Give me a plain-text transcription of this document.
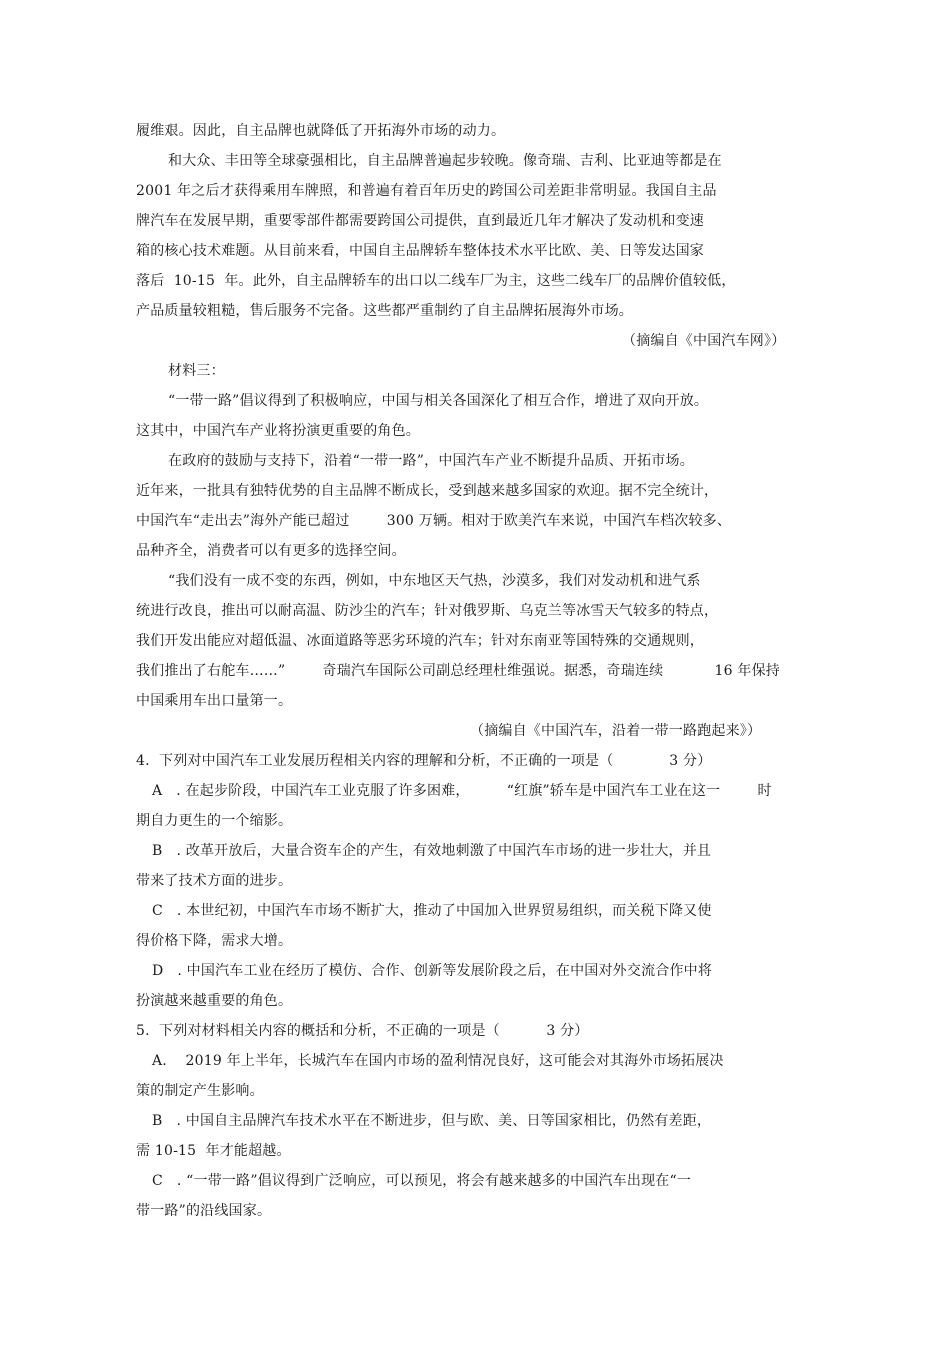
履维艰。因此，自主品牌也就降低了开拓海外市场的动力。
和大众、丰田等全球豪强相比，自主品牌普遍起步较晚。像奇瑞、吉利、比亚迪等都是在
2001 年之后才获得乘用车牌照，和普遍有着百年历史的跨国公司差距非常明显。我国自主品
牌汽车在发展早期，重要零部件都需要跨国公司提供，直到最近几年才解决了发动机和变速
箱的核心技术难题。从目前来看，中国自主品牌轿车整体技术水平比欧、美、日等发达国家
落后  10-15  年。此外，自主品牌轿车的出口以二线车厂为主，这些二线车厂的品牌价值较低，
产品质量较粗糙，售后服务不完备。这些都严重制约了自主品牌拓展海外市场。
（摘编自《中国汽车网》）
材料三：
“一带一路”倡议得到了积极响应，中国与相关各国深化了相互合作，增进了双向开放。
这其中，中国汽车产业将扮演更重要的角色。
在政府的鼓励与支持下，沿着“一带一路”，中国汽车产业不断提升品质、开拓市场。
近年来，一批具有独特优势的自主品牌不断成长，受到越来越多国家的欢迎。据不完全统计，
中国汽车“走出去”海外产能已超过        300 万辆。相对于欧美汽车来说，中国汽车档次较多、
品种齐全，消费者可以有更多的选择空间。
“我们没有一成不变的东西，例如，中东地区天气热，沙漠多，我们对发动机和进气系
统进行改良，推出可以耐高温、防沙尘的汽车；针对俄罗斯、乌克兰等冰雪天气较多的特点，
我们开发出能应对超低温、冰面道路等恶劣环境的汽车；针对东南亚等国特殊的交通规则，
我们推出了右舵车……”        奇瑞汽车国际公司副总经理杜维强说。据悉，奇瑞连续           16 年保持
中国乘用车出口量第一。
（摘编自《中国汽车，沿着一带一路跑起来》）
4.  下列对中国汽车工业发展历程相关内容的理解和分析，不正确的一项是（            3 分）
A   . 在起步阶段，中国汽车工业克服了许多困难，        “红旗”轿车是中国汽车工业在这一        时
期自力更生的一个缩影。
B   . 改革开放后，大量合资车企的产生，有效地刺激了中国汽车市场的进一步壮大，并且
带来了技术方面的进步。
C   . 本世纪初，中国汽车市场不断扩大，推动了中国加入世界贸易组织，而关税下降又使
得价格下降，需求大增。
D   . 中国汽车工业在经历了模仿、合作、创新等发展阶段之后，在中国对外交流合作中将
扮演越来越重要的角色。
5.  下列对材料相关内容的概括和分析，不正确的一项是（          3 分）
A.    2019 年上半年，长城汽车在国内市场的盈利情况良好，这可能会对其海外市场拓展决
策的制定产生影响。
B   . 中国自主品牌汽车技术水平在不断进步，但与欧、美、日等国家相比，仍然有差距，
需 10-15  年才能超越。
C   . “一带一路”倡议得到广泛响应，可以预见，将会有越来越多的中国汽车出现在“一
带一路”的沿线国家。
